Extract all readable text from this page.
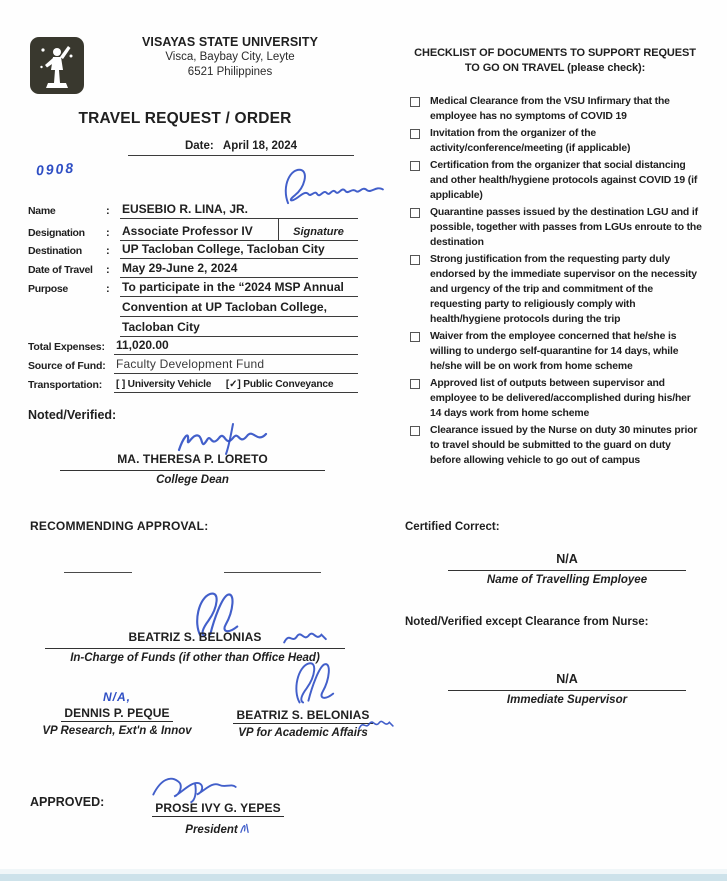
VISAYAS STATE UNIVERSITY
Visca, Baybay City, Leyte
6521 Philippines
TRAVEL REQUEST / ORDER
Date: April 18, 2024
0908
Name	:	EUSEBIO R. LINA, JR.
Designation	:	Associate Professor IV	Signature
Destination	:	UP Tacloban College, Tacloban City
Date of Travel	:	May 29-June 2, 2024
Purpose	:	To participate in the “2024 MSP Annual
Convention at UP Tacloban College,
Tacloban City
Total Expenses: 11,020.00
Source of Fund: Faculty Development Fund
Transportation:	[ ] University Vehicle [✓] Public Conveyance
Noted/Verified:
MA. THERESA P. LORETO
College Dean
RECOMMENDING APPROVAL:
BEATRIZ S. BELONIAS
In-Charge of Funds (if other than Office Head)
N/A,
DENNIS P. PEQUE
VP Research, Ext'n & Innov
BEATRIZ S. BELONIAS
VP for Academic Affairs
APPROVED:	PROSE IVY G. YEPES
President
CHECKLIST OF DOCUMENTS TO SUPPORT REQUEST
TO GO ON TRAVEL (please check):
Medical Clearance from the VSU Infirmary that the employee has no symptoms of COVID 19
Invitation from the organizer of the activity/conference/meeting (if applicable)
Certification from the organizer that social distancing and other health/hygiene protocols against COVID 19 (if applicable)
Quarantine passes issued by the destination LGU and if possible, together with passes from LGUs enroute to the destination
Strong justification from the requesting party duly endorsed by the immediate supervisor on the necessity and urgency of the trip and commitment of the requesting party to religiously comply with health/hygiene protocols during the trip
Waiver from the employee concerned that he/she is willing to undergo self-quarantine for 14 days, while he/she will be on work from home scheme
Approved list of outputs between supervisor and employee to be delivered/accomplished during his/her 14 days work from home scheme
Clearance issued by the Nurse on duty 30 minutes prior to travel should be submitted to the guard on duty before allowing vehicle to go out of campus
Certified Correct:
N/A
Name of Travelling Employee
Noted/Verified except Clearance from Nurse:
N/A
Immediate Supervisor
